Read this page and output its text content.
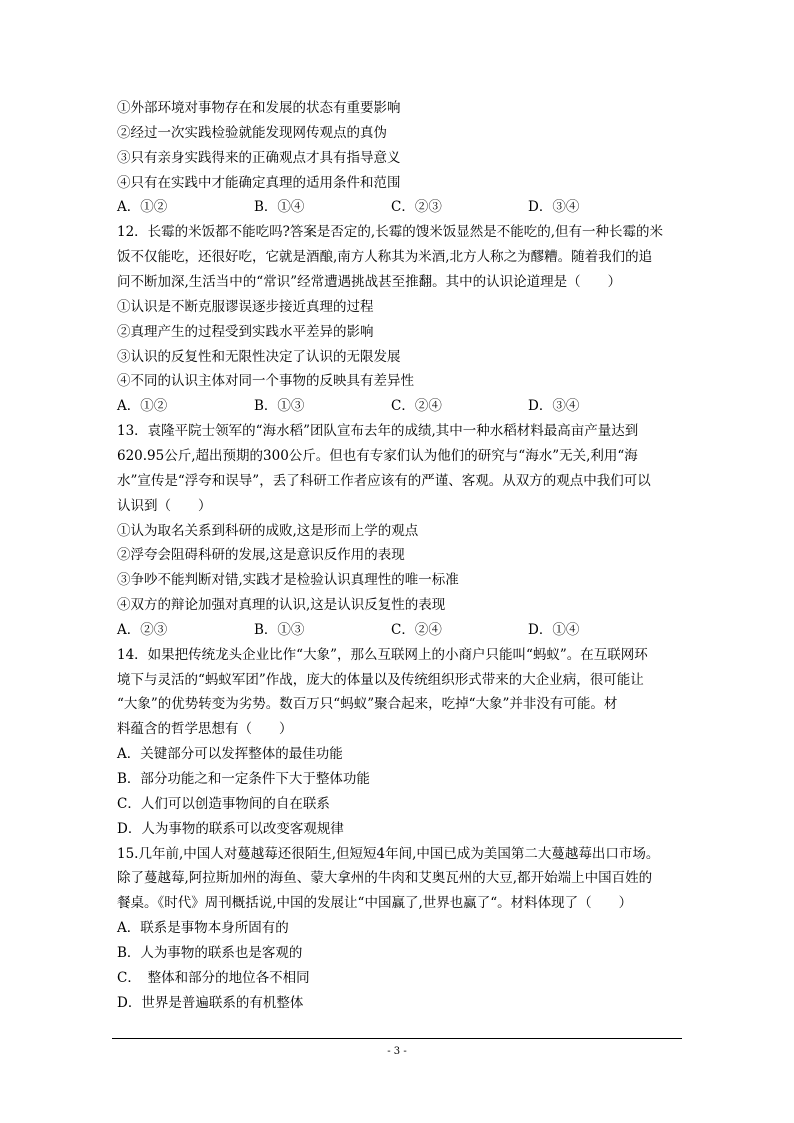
①外部环境对事物存在和发展的状态有重要影响
②经过一次实践检验就能发现网传观点的真伪
③只有亲身实践得来的正确观点才具有指导意义
④只有在实践中才能确定真理的适用条件和范围
A．①②	B．①④	C．②③	D．③④
12．长霉的米饭都不能吃吗?答案是否定的,长霉的馊米饭显然是不能吃的,但有一种长霉的米
饭不仅能吃，还很好吃，它就是酒酿,南方人称其为米酒,北方人称之为醪糟。随着我们的追
问不断加深,生活当中的“常识”经常遭遇挑战甚至推翻。其中的认识论道理是（　　）
①认识是不断克服谬误逐步接近真理的过程
②真理产生的过程受到实践水平差异的影响
③认识的反复性和无限性决定了认识的无限发展
④不同的认识主体对同一个事物的反映具有差异性
A．①②	B．①③	C．②④	D．③④
13．袁隆平院士领军的“海水稻”团队宣布去年的成绩,其中一种水稻材料最高亩产量达到
620.95公斤,超出预期的300公斤。但也有专家们认为他们的研究与“海水”无关,利用“海
水”宣传是“浮夸和误导”，丢了科研工作者应该有的严谨、客观。从双方的观点中我们可以
认识到（　　）
①认为取名关系到科研的成败,这是形而上学的观点
②浮夸会阻碍科研的发展,这是意识反作用的表现
③争吵不能判断对错,实践才是检验认识真理性的唯一标准
④双方的辩论加强对真理的认识,这是认识反复性的表现
A．②③	B．①③	C．②④	D．①④
14．如果把传统龙头企业比作“大象”，那么互联网上的小商户只能叫“蚂蚁”。在互联网环
境下与灵活的“蚂蚁军团”作战，庞大的体量以及传统组织形式带来的大企业病，很可能让
“大象”的优势转变为劣势。数百万只“蚂蚁”聚合起来，吃掉“大象”并非没有可能。材
料蕴含的哲学思想有（　　）
A．关键部分可以发挥整体的最佳功能
B．部分功能之和一定条件下大于整体功能
C．人们可以创造事物间的自在联系
D．人为事物的联系可以改变客观规律
15.几年前,中国人对蔓越莓还很陌生,但短短4年间,中国已成为美国第二大蔓越莓出口市场。
除了蔓越莓,阿拉斯加州的海鱼、蒙大拿州的牛肉和艾奥瓦州的大豆,都开始端上中国百姓的
餐桌。《时代》周刊概括说,中国的发展让“中国赢了,世界也赢了“。材料体现了（　　）
A．联系是事物本身所固有的
B．人为事物的联系也是客观的
C．　整体和部分的地位各不相同
D．世界是普遍联系的有机整体
- 3 -
